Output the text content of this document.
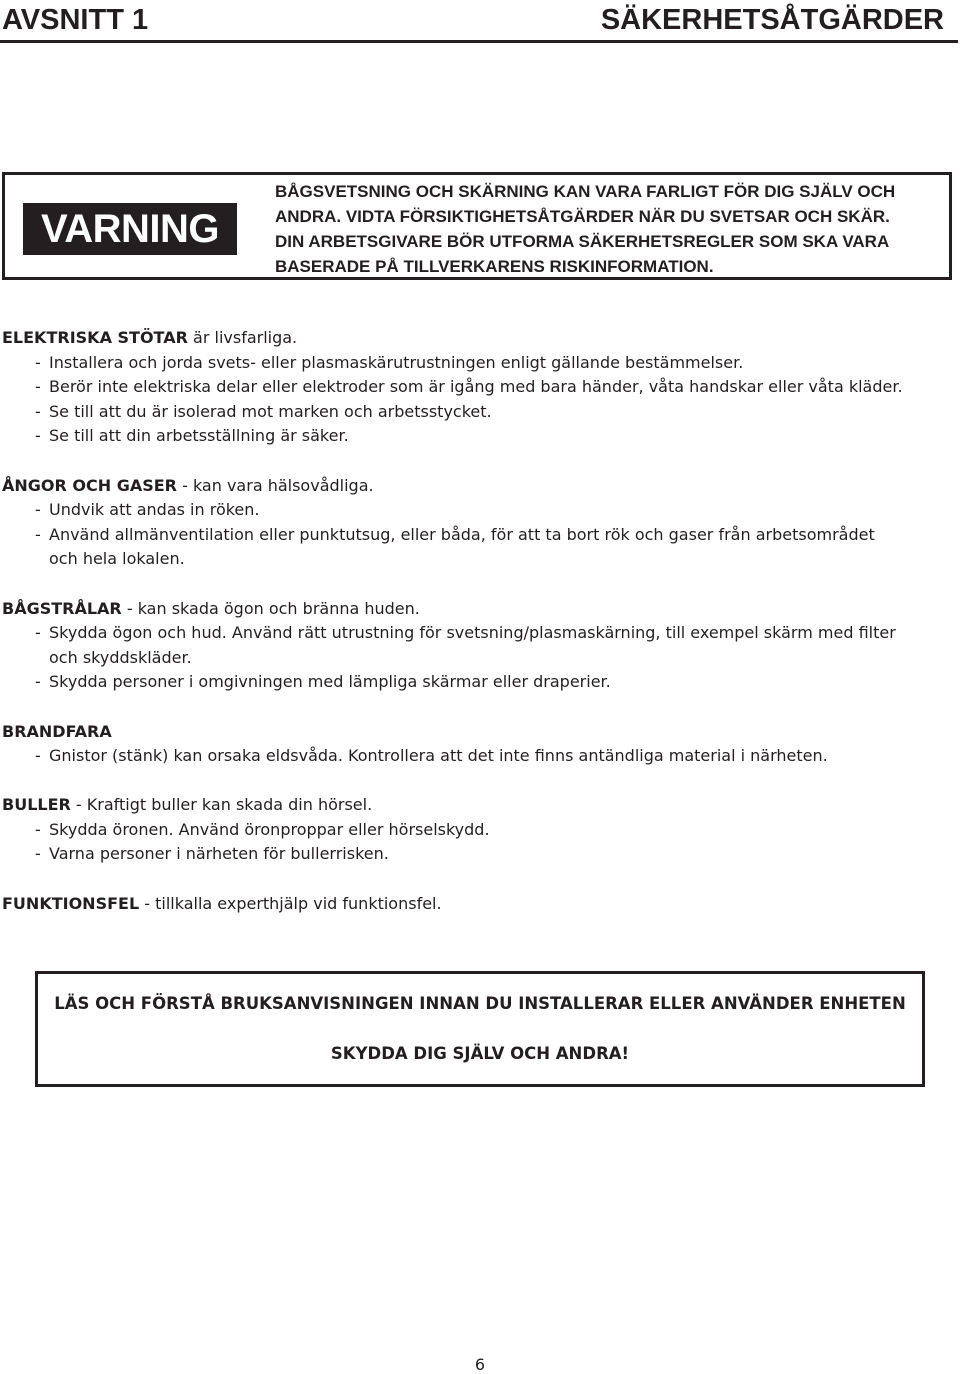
AVSNITT 1	SÄKERHETSÅTGÄRDER
VARNING
BÅGSVETSNING OCH SKÄRNING KAN VARA FARLIGT FÖR DIG SJÄLV OCH
ANDRA. VIDTA FÖRSIKTIGHETSÅTGÄRDER NÄR DU SVETSAR OCH SKÄR.
DIN ARBETSGIVARE BÖR UTFORMA SÄKERHETSREGLER SOM SKA VARA
BASERADE PÅ TILLVERKARENS RISKINFORMATION.
ELEKTRISKA STÖTAR är livsfarliga.
- Installera och jorda svets- eller plasmaskärutrustningen enligt gällande bestämmelser.
- Berör inte elektriska delar eller elektroder som är igång med bara händer, våta handskar eller våta kläder.
- Se till att du är isolerad mot marken och arbetsstycket.
- Se till att din arbetsställning är säker.
ÅNGOR OCH GASER - kan vara hälsovådliga.
- Undvik att andas in röken.
- Använd allmänventilation eller punktutsug, eller båda, för att ta bort rök och gaser från arbetsområdet
och hela lokalen.
BÅGSTRÅLAR - kan skada ögon och bränna huden.
- Skydda ögon och hud. Använd rätt utrustning för svetsning/plasmaskärning, till exempel skärm med filter
och skyddskläder.
- Skydda personer i omgivningen med lämpliga skärmar eller draperier.
BRANDFARA
- Gnistor (stänk) kan orsaka eldsvåda. Kontrollera att det inte finns antändliga material i närheten.
BULLER - Kraftigt buller kan skada din hörsel.
- Skydda öronen. Använd öronproppar eller hörselskydd.
- Varna personer i närheten för bullerrisken.
FUNKTIONSFEL - tillkalla experthjälp vid funktionsfel.
LÄS OCH FÖRSTÅ BRUKSANVISNINGEN INNAN DU INSTALLERAR ELLER ANVÄNDER ENHETEN
SKYDDA DIG SJÄLV OCH ANDRA!
6
